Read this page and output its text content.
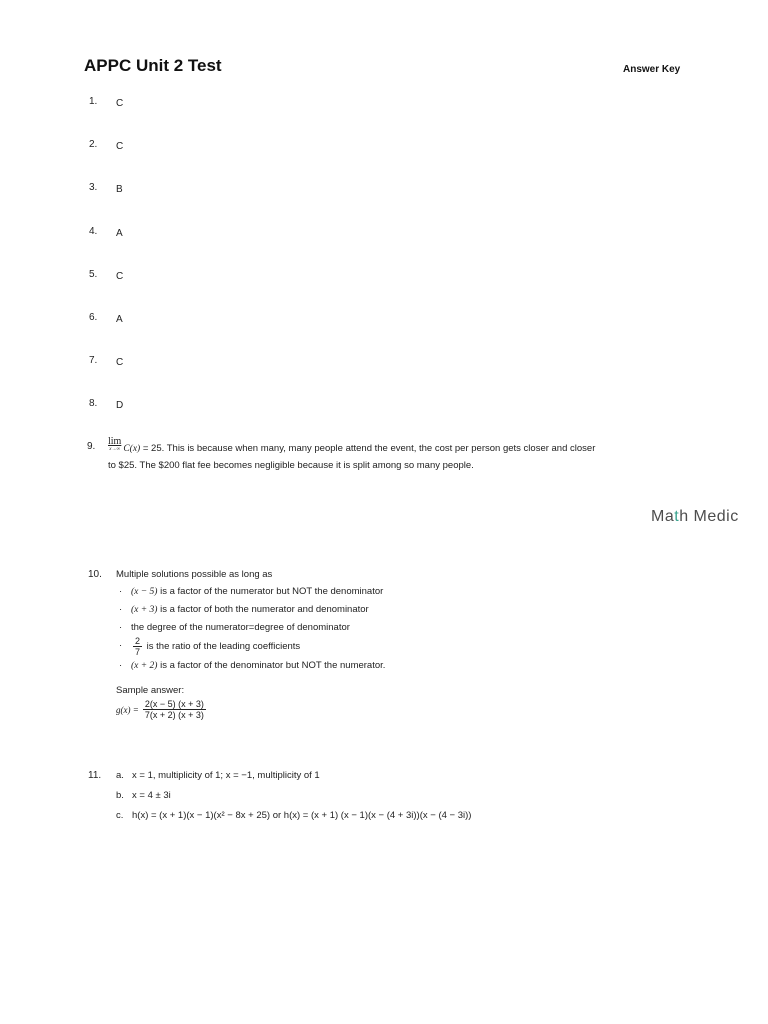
APPC Unit 2 Test	Answer Key
1. C
2. C
3. B
4. A
5. C
6. A
7. C
8. D
9. lim
x→∞ C(x) = 25. This is because when many, many people attend the event, the cost per person gets closer and closer
to $25. The $200 flat fee becomes negligible because it is split among so many people.
Math Medic
10. Multiple solutions possible as long as
· (x − 5) is a factor of the numerator but NOT the denominator
· (x + 3) is a factor of both the numerator and denominator
· the degree of the numerator=degree of denominator
· $\frac{2}{7}$ is the ratio of the leading coefficients
· (x + 2) is a factor of the denominator but NOT the numerator.
Sample answer:
$g(x) = \frac{2(x - 5) (x + 3)}{7(x + 2) (x + 3)}$
11. a. x = 1, multiplicity of 1; x = −1, multiplicity of 1
b. x = 4 ± 3i
c. h(x) = (x + 1)(x − 1)(x² − 8x + 25) or h(x) = (x + 1) (x − 1)(x − (4 + 3i))(x − (4 − 3i))
